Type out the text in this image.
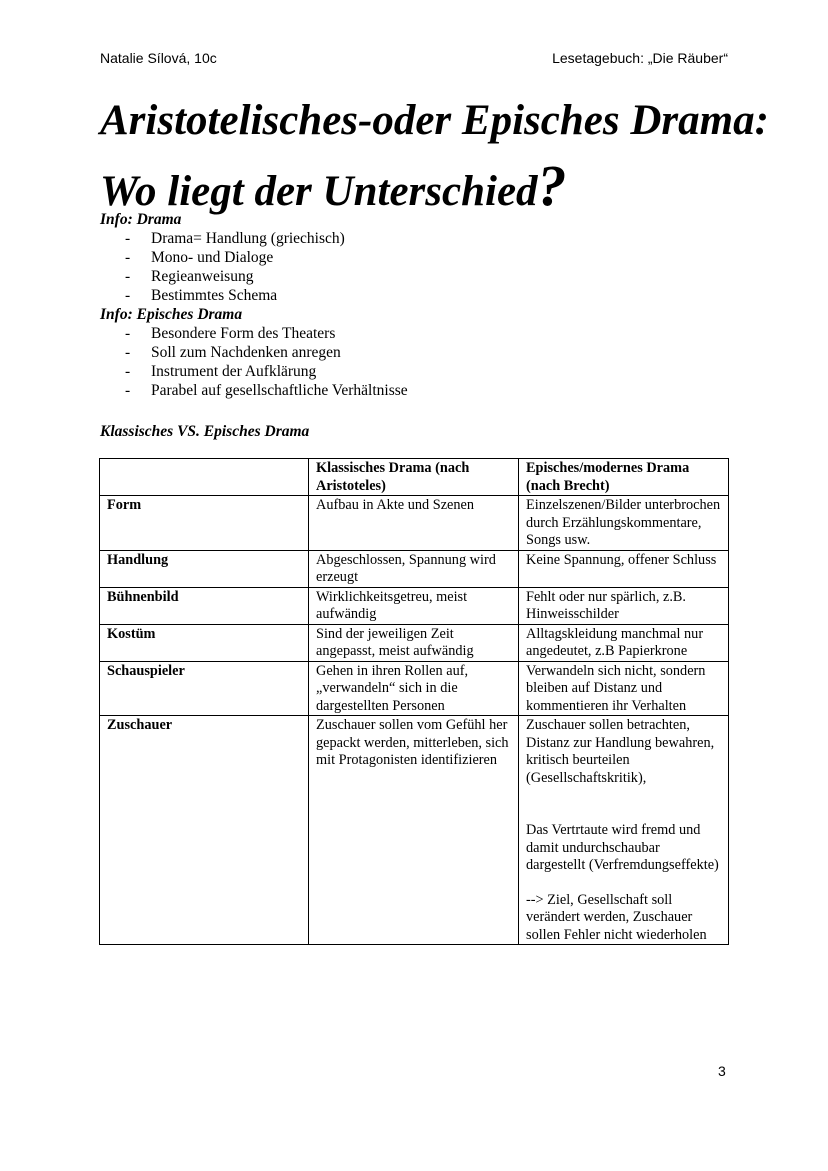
Natalie Sílová, 10c	Lesetagebuch: „Die Räuber“
Aristotelisches-oder Episches Drama:
Wo liegt der Unterschied?
Info: Drama
- Drama= Handlung (griechisch)
- Mono- und Dialoge
- Regieanweisung
- Bestimmtes Schema
Info: Episches Drama
- Besondere Form des Theaters
- Soll zum Nachdenken anregen
- Instrument der Aufklärung
- Parabel auf gesellschaftliche Verhältnisse
Klassisches VS. Episches Drama
	Klassisches Drama (nach Aristoteles)	Episches/modernes Drama (nach Brecht)
Form	Aufbau in Akte und Szenen	Einzelszenen/Bilder unterbrochen durch Erzählungskommentare, Songs usw.
Handlung	Abgeschlossen, Spannung wird erzeugt	Keine Spannung, offener Schluss
Bühnenbild	Wirklichkeitsgetreu, meist aufwändig	Fehlt oder nur spärlich, z.B. Hinweisschilder
Kostüm	Sind der jeweiligen Zeit angepasst, meist aufwändig	Alltagskleidung manchmal nur angedeutet, z.B Papierkrone
Schauspieler	Gehen in ihren Rollen auf, „verwandeln“ sich in die dargestellten Personen	Verwandeln sich nicht, sondern bleiben auf Distanz und kommentieren ihr Verhalten
Zuschauer	Zuschauer sollen vom Gefühl her gepackt werden, mitterleben, sich mit Protagonisten identifizieren	Zuschauer sollen betrachten, Distanz zur Handlung bewahren, kritisch beurteilen (Gesellschaftskritik),
Das Vertrtaute wird fremd und damit undurchschaubar dargestellt (Verfremdungseffekte)
--> Ziel, Gesellschaft soll verändert werden, Zuschauer sollen Fehler nicht wiederholen
3
